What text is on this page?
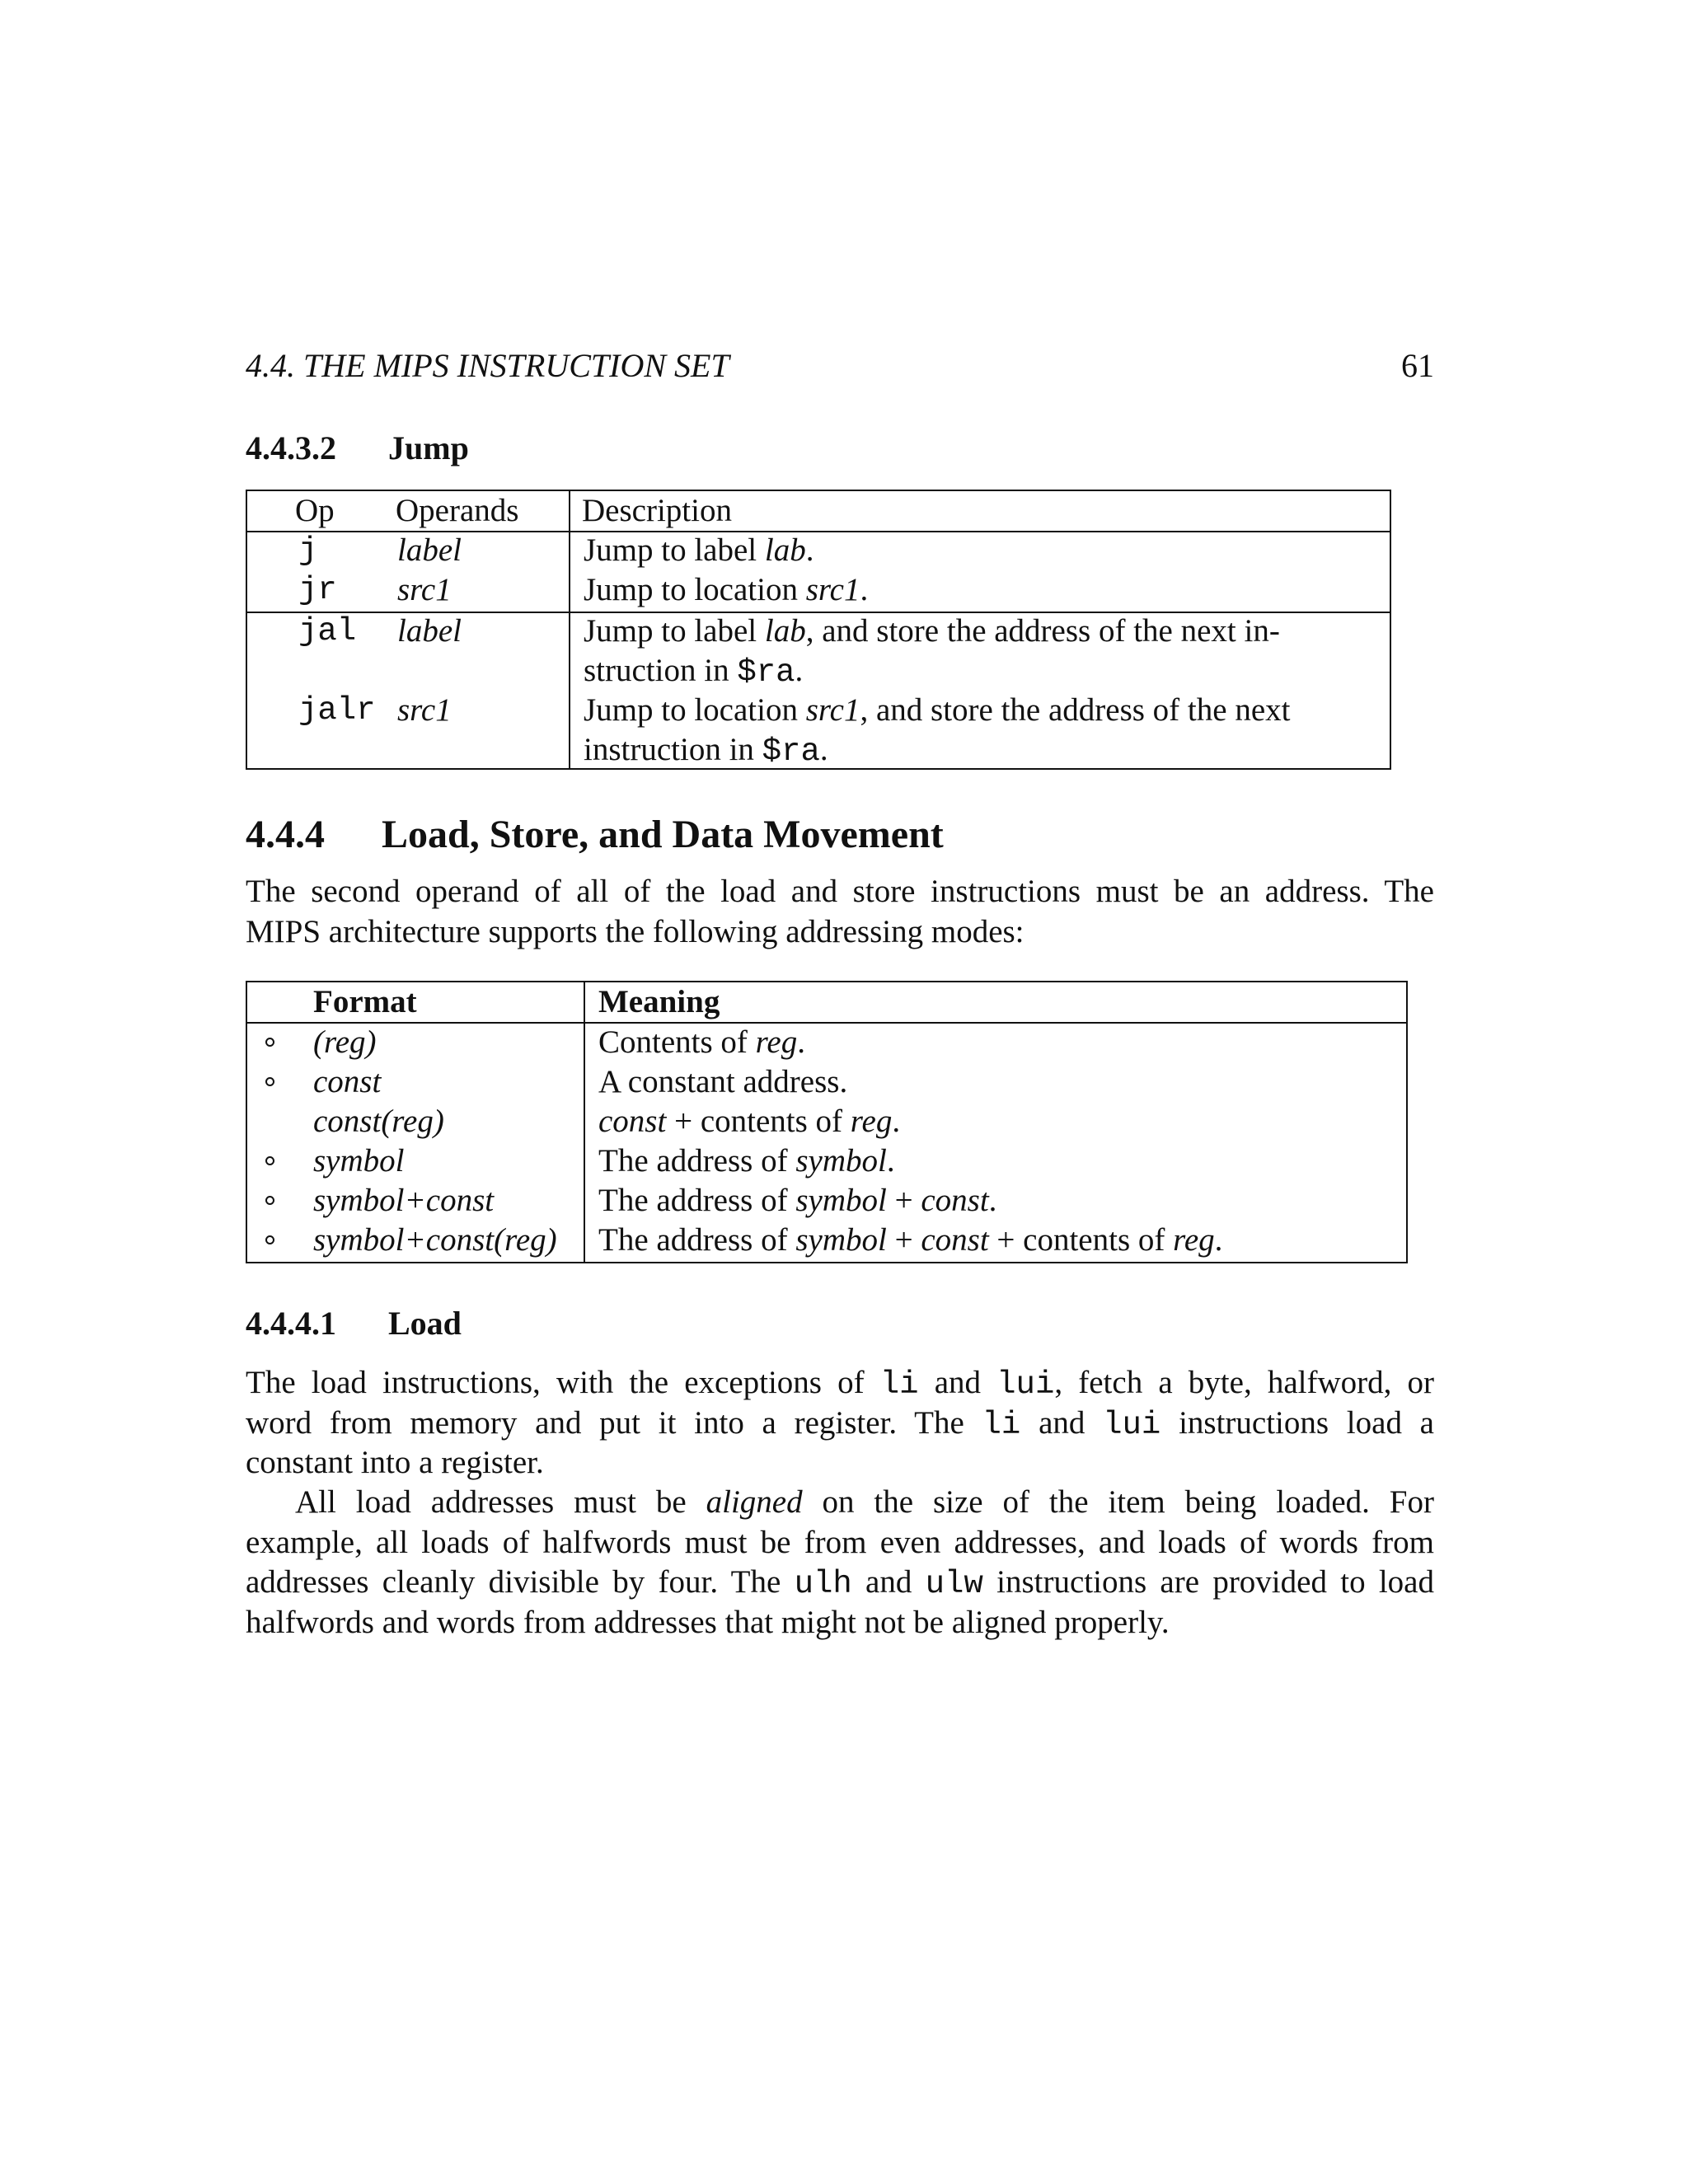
4.4. THE MIPS INSTRUCTION SET	61
4.4.3.2 Jump
Op Operands Description
j label	Jump to label lab.
jr src1	Jump to location src1.
jal label	Jump to label lab, and store the address of the next in-
struction in $ra.
jalr src1	Jump to location src1, and store the address of the next
instruction in $ra.
4.4.4 Load, Store, and Data Movement
The second operand of all of the load and store instructions must be an address. The
MIPS architecture supports the following addressing modes:
Format	Meaning
(reg)	Contents of reg.
const	A constant address.
const(reg)	const + contents of reg.
symbol	The address of symbol.
symbol+const	The address of symbol + const.
symbol+const(reg) The address of symbol + const + contents of reg.
4.4.4.1 Load
The load instructions, with the exceptions of li and lui, fetch a byte, halfword, or
word from memory and put it into a register. The li and lui instructions load a
constant into a register.
All load addresses must be aligned on the size of the item being loaded. For
example, all loads of halfwords must be from even addresses, and loads of words from
addresses cleanly divisible by four. The ulh and ulw instructions are provided to load
halfwords and words from addresses that might not be aligned properly.
